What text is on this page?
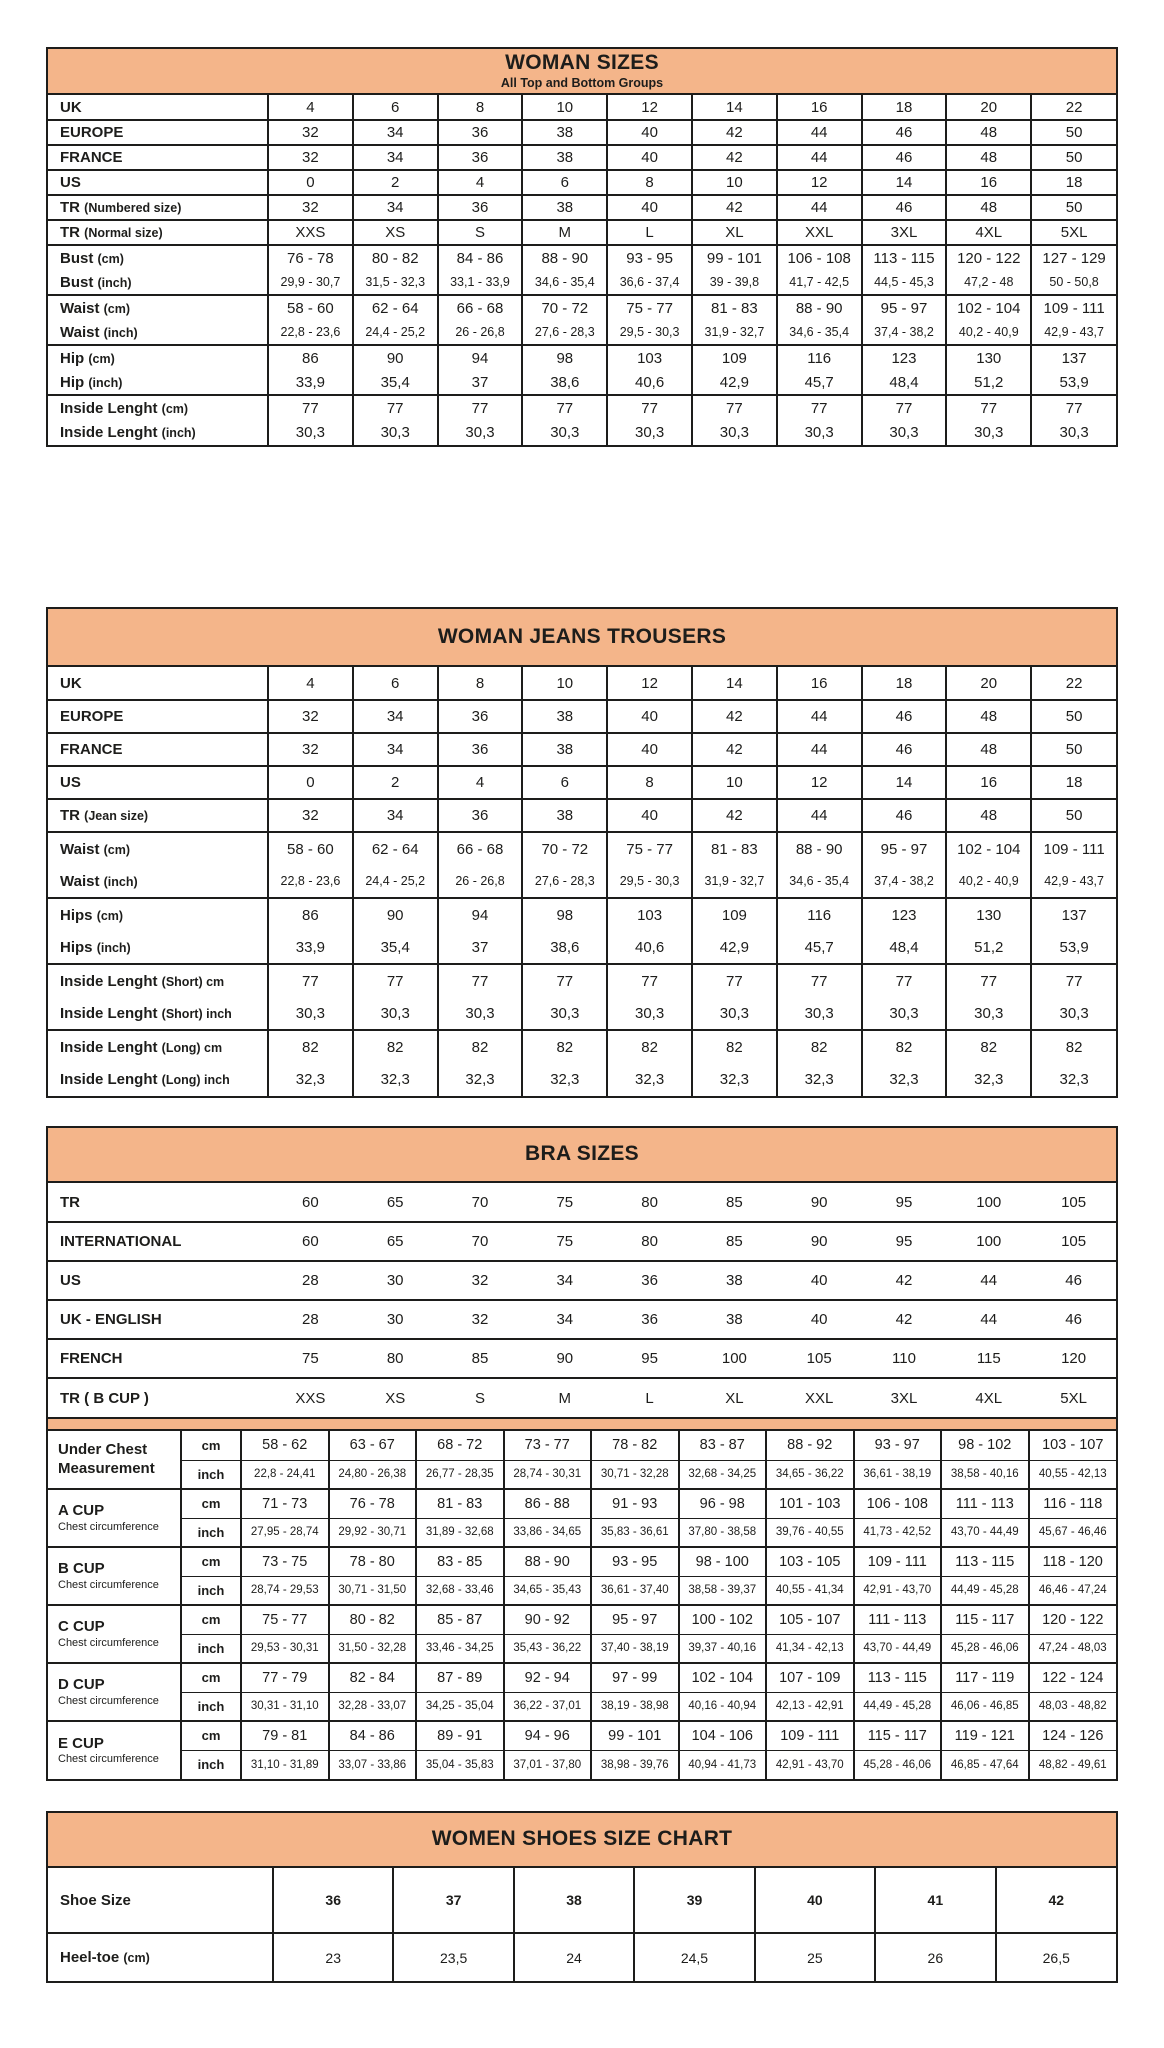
WOMAN SIZES
All Top and Bottom Groups
UK	4	6	8	10	12	14	16	18	20	22
EUROPE	32	34	36	38	40	42	44	46	48	50
FRANCE	32	34	36	38	40	42	44	46	48	50
US	0	2	4	6	8	10	12	14	16	18
TR (Numbered size)	32	34	36	38	40	42	44	46	48	50
TR (Normal size)	XXS	XS	S	M	L	XL	XXL	3XL	4XL	5XL
Bust (cm)	76 - 78	80 - 82	84 - 86	88 - 90	93 - 95	99 - 101	106 - 108	113 - 115	120 - 122	127 - 129
Bust (inch)	29,9 - 30,7	31,5 - 32,3	33,1 - 33,9	34,6 - 35,4	36,6 - 37,4	39 - 39,8	41,7 - 42,5	44,5 - 45,3	47,2 - 48	50 - 50,8
Waist (cm)	58 - 60	62 - 64	66 - 68	70 - 72	75 - 77	81 - 83	88 - 90	95 - 97	102 - 104	109 - 111
Waist (inch)	22,8 - 23,6	24,4 - 25,2	26 - 26,8	27,6 - 28,3	29,5 - 30,3	31,9 - 32,7	34,6 - 35,4	37,4 - 38,2	40,2 - 40,9	42,9 - 43,7
Hip (cm)	86	90	94	98	103	109	116	123	130	137
Hip (inch)	33,9	35,4	37	38,6	40,6	42,9	45,7	48,4	51,2	53,9
Inside Lenght (cm)	77	77	77	77	77	77	77	77	77	77
Inside Lenght (inch)	30,3	30,3	30,3	30,3	30,3	30,3	30,3	30,3	30,3	30,3
WOMAN JEANS TROUSERS
UK	4	6	8	10	12	14	16	18	20	22
EUROPE	32	34	36	38	40	42	44	46	48	50
FRANCE	32	34	36	38	40	42	44	46	48	50
US	0	2	4	6	8	10	12	14	16	18
TR (Jean size)	32	34	36	38	40	42	44	46	48	50
Waist (cm)	58 - 60	62 - 64	66 - 68	70 - 72	75 - 77	81 - 83	88 - 90	95 - 97	102 - 104	109 - 111
Waist (inch)	22,8 - 23,6	24,4 - 25,2	26 - 26,8	27,6 - 28,3	29,5 - 30,3	31,9 - 32,7	34,6 - 35,4	37,4 - 38,2	40,2 - 40,9	42,9 - 43,7
Hips (cm)	86	90	94	98	103	109	116	123	130	137
Hips (inch)	33,9	35,4	37	38,6	40,6	42,9	45,7	48,4	51,2	53,9
Inside Lenght (Short) cm	77	77	77	77	77	77	77	77	77	77
Inside Lenght (Short) inch	30,3	30,3	30,3	30,3	30,3	30,3	30,3	30,3	30,3	30,3
Inside Lenght (Long) cm	82	82	82	82	82	82	82	82	82	82
Inside Lenght (Long) inch	32,3	32,3	32,3	32,3	32,3	32,3	32,3	32,3	32,3	32,3
BRA SIZES
TR	60	65	70	75	80	85	90	95	100	105
INTERNATIONAL	60	65	70	75	80	85	90	95	100	105
US	28	30	32	34	36	38	40	42	44	46
UK - ENGLISH	28	30	32	34	36	38	40	42	44	46
FRENCH	75	80	85	90	95	100	105	110	115	120
TR ( B CUP )	XXS	XS	S	M	L	XL	XXL	3XL	4XL	5XL
Under Chest
Measurement	cm	58 - 62	63 - 67	68 - 72	73 - 77	78 - 82	83 - 87	88 - 92	93 - 97	98 - 102	103 - 107
	inch	22,8 - 24,41	24,80 - 26,38	26,77 - 28,35	28,74 - 30,31	30,71 - 32,28	32,68 - 34,25	34,65 - 36,22	36,61 - 38,19	38,58 - 40,16	40,55 - 42,13

A CUP
Chest circumference	cm	71 - 73	76 - 78	81 - 83	86 - 88	91 - 93	96 - 98	101 - 103	106 - 108	111 - 113	116 - 118
	inch	27,95 - 28,74	29,92 - 30,71	31,89 - 32,68	33,86 - 34,65	35,83 - 36,61	37,80 - 38,58	39,76 - 40,55	41,73 - 42,52	43,70 - 44,49	45,67 - 46,46

B CUP
Chest circumference	cm	73 - 75	78 - 80	83 - 85	88 - 90	93 - 95	98 - 100	103 - 105	109 - 111	113 - 115	118 - 120
	inch	28,74 - 29,53	30,71 - 31,50	32,68 - 33,46	34,65 - 35,43	36,61 - 37,40	38,58 - 39,37	40,55 - 41,34	42,91 - 43,70	44,49 - 45,28	46,46 - 47,24

C CUP
Chest circumference	cm	75 - 77	80 - 82	85 - 87	90 - 92	95 - 97	100 - 102	105 - 107	111 - 113	115 - 117	120 - 122
	inch	29,53 - 30,31	31,50 - 32,28	33,46 - 34,25	35,43 - 36,22	37,40 - 38,19	39,37 - 40,16	41,34 - 42,13	43,70 - 44,49	45,28 - 46,06	47,24 - 48,03

D CUP
Chest circumference	cm	77 - 79	82 - 84	87 - 89	92 - 94	97 - 99	102 - 104	107 - 109	113 - 115	117 - 119	122 - 124
	inch	30,31 - 31,10	32,28 - 33,07	34,25 - 35,04	36,22 - 37,01	38,19 - 38,98	40,16 - 40,94	42,13 - 42,91	44,49 - 45,28	46,06 - 46,85	48,03 - 48,82

E CUP
Chest circumference	cm	79 - 81	84 - 86	89 - 91	94 - 96	99 - 101	104 - 106	109 - 111	115 - 117	119 - 121	124 - 126
	inch	31,10 - 31,89	33,07 - 33,86	35,04 - 35,83	37,01 - 37,80	38,98 - 39,76	40,94 - 41,73	42,91 - 43,70	45,28 - 46,06	46,85 - 47,64	48,82 - 49,61
WOMEN SHOES SIZE CHART
Shoe Size	36	37	38	39	40	41	42
Heel-toe (cm)	23	23,5	24	24,5	25	26	26,5
